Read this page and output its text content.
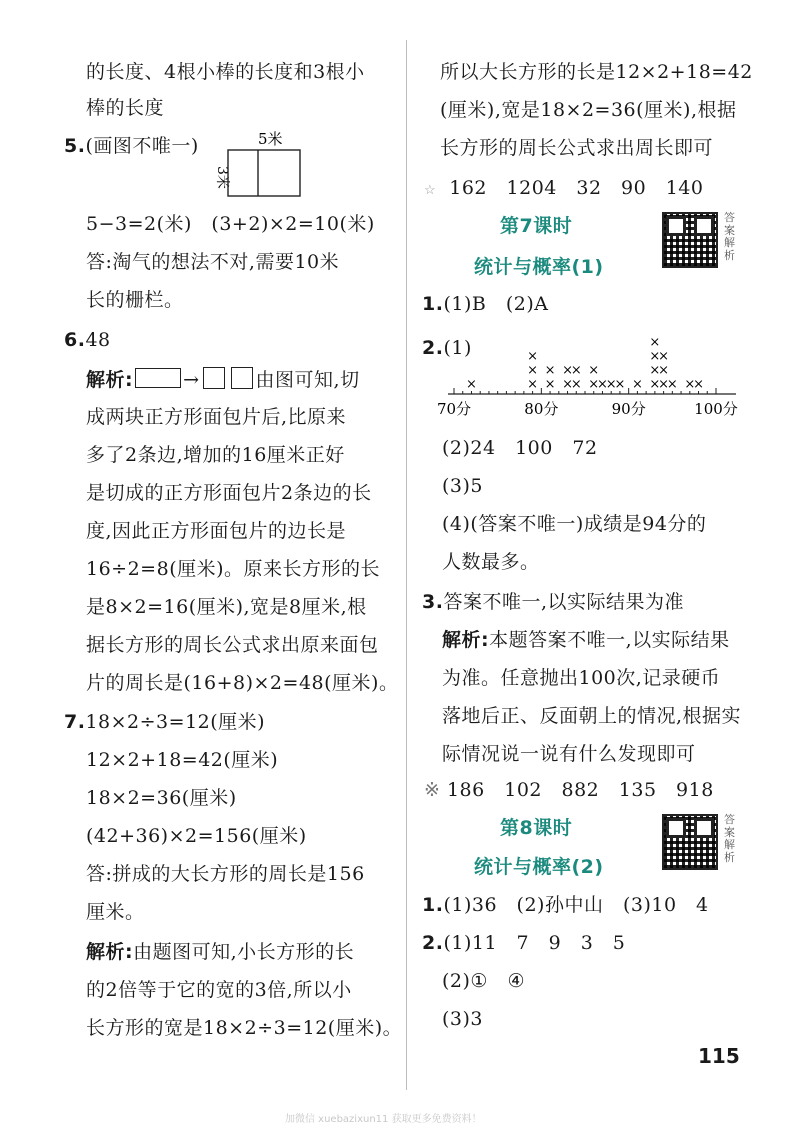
的长度、4根小棒的长度和3根小
棒的长度
5.(画图不唯一)	5米
3米
5−3=2(米)　(3+2)×2=10(米)
答:淘气的想法不对,需要10米
长的栅栏。
6.48
解析:	→	由图可知,切
成两块正方形面包片后,比原来
多了2条边,增加的16厘米正好
是切成的正方形面包片2条边的长
度,因此正方形面包片的边长是
16÷2=8(厘米)。原来长方形的长
是8×2=16(厘米),宽是8厘米,根
据长方形的周长公式求出原来面包
片的周长是(16+8)×2=48(厘米)。
7.18×2÷3=12(厘米)
12×2+18=42(厘米)
18×2=36(厘米)
(42+36)×2=156(厘米)
答:拼成的大长方形的周长是156
厘米。
解析:由题图可知,小长方形的长
的2倍等于它的宽的3倍,所以小
长方形的宽是18×2÷3=12(厘米)。
所以大长方形的长是12×2+18=42
(厘米),宽是18×2=36(厘米),根据
长方形的周长公式求出周长即可
☆ 162　1204　32　90　140
第7课时	答案解析
统计与概率(1)
1.(1)B　(2)A
2.(1)
×	×
×
×
×
×
×
×
×
×
×
×
×
×
× × ×
×
×
×
×
×
×
× ×
×
70分	80分	90分	100分
(2)24　100　72
(3)5
(4)(答案不唯一)成绩是94分的
人数最多。
3.答案不唯一,以实际结果为准
解析:本题答案不唯一,以实际结果
为准。任意抛出100次,记录硬币
落地后正、反面朝上的情况,根据实
际情况说一说有什么发现即可
※ 186　102　882　135　918
第8课时	答案解析
统计与概率(2)
1.(1)36　(2)孙中山　(3)10　4
2.(1)11　7　9　3　5
(2)①　④
(3)3
115
加微信 xuebazixun11 获取更多免费资料！
